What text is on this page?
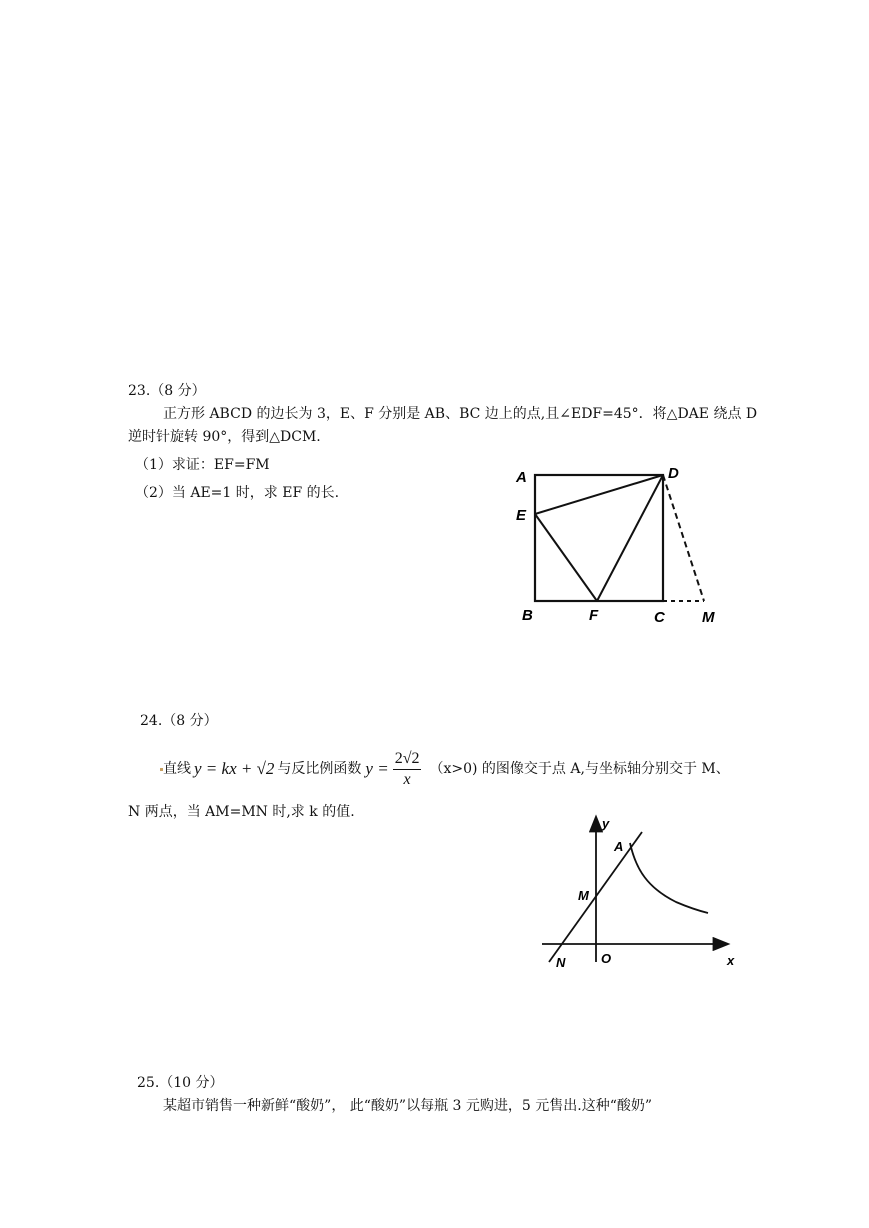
23.（8 分）
正方形 ABCD 的边长为 3，E、F 分别是 AB、BC 边上的点,且∠EDF=45°．将△DAE 绕点 D
逆时针旋转 90°，得到△DCM.
（1）求证：EF=FM
（2）当 AE=1 时，求 EF 的长.
A	D
E
B	F	C M
24.（8 分）
直线 y = kx + √2 与反比例函数 $y = \frac{2√2}{x} (x>0)$ 的图像交于点 A,与坐标轴分别交于 M、
N 两点，当 AM=MN 时,求 k 的值.
y
A
M
N	O	x
25.（10 分）
某超市销售一种新鲜“酸奶”， 此“酸奶”以每瓶 3 元购进，5 元售出.这种“酸奶”
